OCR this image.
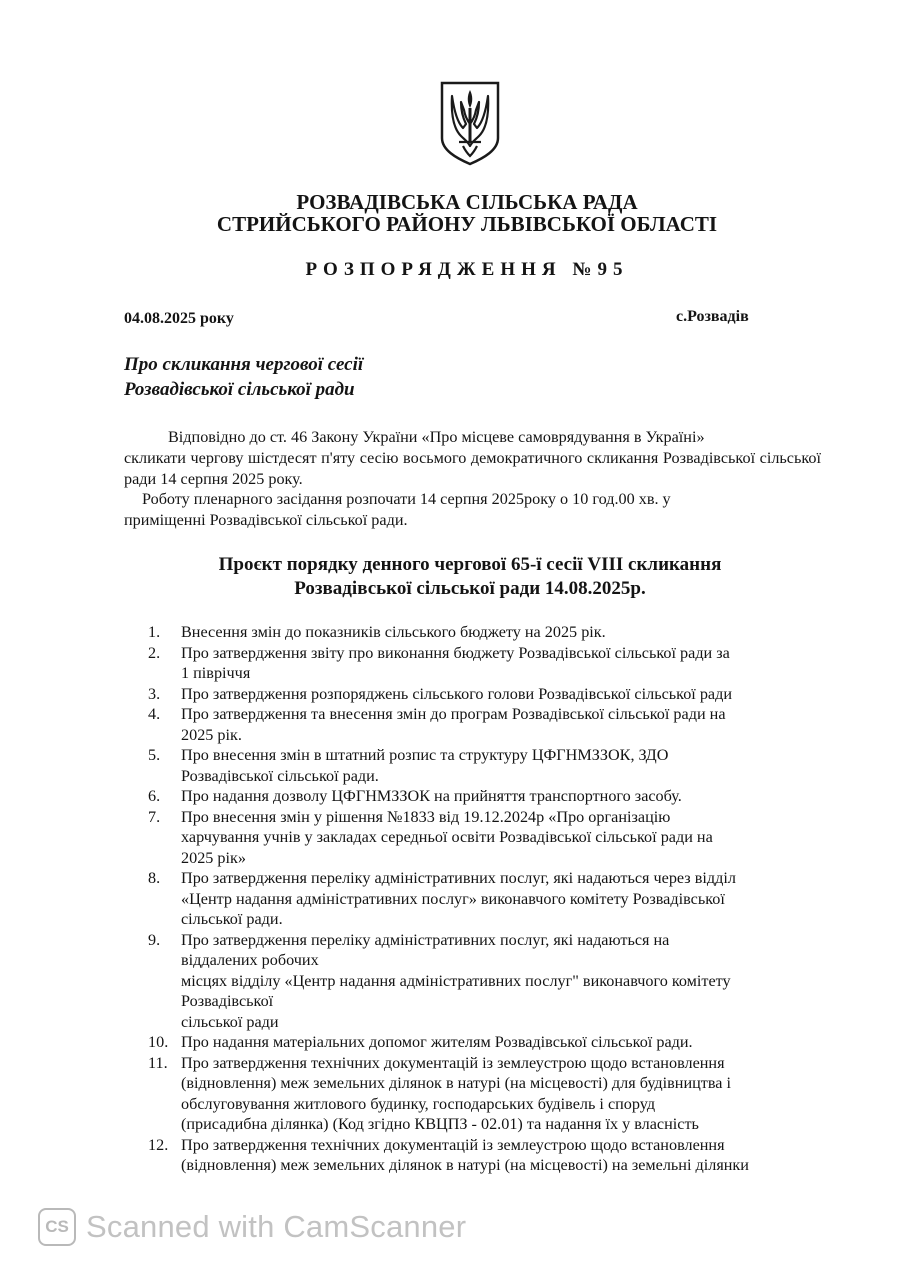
РОЗВАДІВСЬКА СІЛЬСЬКА РАДА
СТРИЙСЬКОГО РАЙОНУ ЛЬВІВСЬКОЇ ОБЛАСТІ
РОЗПОРЯДЖЕННЯ №95
04.08.2025 року	с.Розвадів
Про скликання чергової сесії
Розвадівської сільської ради
Відповідно до ст. 46 Закону України «Про місцеве самоврядування в Україні»
скликати чергову шістдесят п'яту сесію восьмого демократичного скликання Розвадівської сільської ради 14 серпня 2025 року.
Роботу пленарного засідання розпочати 14 серпня 2025року о 10 год.00 хв. у
приміщенні Розвадівської сільської ради.
Проєкт порядку денного чергової 65-ї сесії VIII скликання
Розвадівської сільської ради 14.08.2025р.
1.	Внесення змін до показників сільського бюджету на 2025 рік.
2.	Про затвердження звіту про виконання бюджету Розвадівської сільської ради за
1 півріччя
3.	Про затвердження розпоряджень сільського голови Розвадівської сільської ради
4.	Про затвердження та внесення змін до програм Розвадівської сільської ради на
2025 рік.
5.	Про внесення змін в штатний розпис та структуру ЦФГНМЗЗОК, ЗДО
Розвадівської сільської ради.
6.	Про надання дозволу ЦФГНМЗЗОК на прийняття транспортного засобу.
7.	Про внесення змін у рішення №1833 від 19.12.2024р «Про організацію
харчування учнів у закладах середньої освіти Розвадівської сільської ради на
2025 рік»
8.	Про затвердження переліку адміністративних послуг, які надаються через відділ
«Центр надання адміністративних послуг» виконавчого комітету Розвадівської
сільської ради.
9.	Про затвердження переліку адміністративних послуг, які надаються на
віддалених робочих
місцях відділу «Центр надання адміністративних послуг" виконавчого комітету
Розвадівської
сільської ради
10. Про надання матеріальних допомог жителям Розвадівської сільської ради.
11. Про затвердження технічних документацій із землеустрою щодо встановлення
(відновлення) меж земельних ділянок в натурі (на місцевості) для будівництва і
обслуговування житлового будинку, господарських будівель і споруд
(присадибна ділянка) (Код згідно КВЦПЗ - 02.01) та надання їх у власність
12. Про затвердження технічних документацій із землеустрою щодо встановлення
(відновлення) меж земельних ділянок в натурі (на місцевості) на земельні ділянки
CS Scanned with CamScanner
